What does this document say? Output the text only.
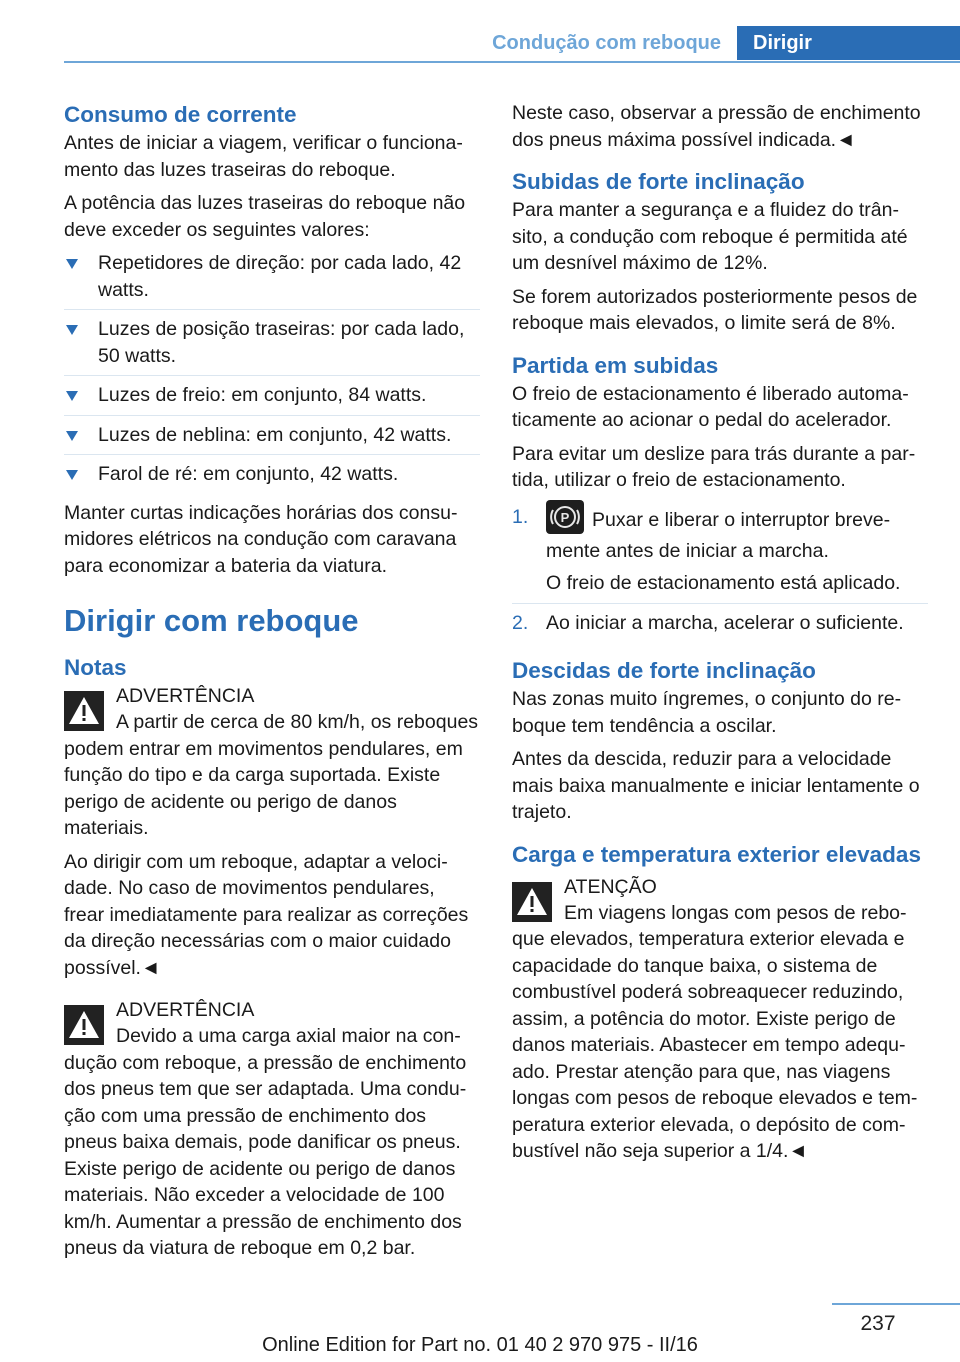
Condução com reboque	Dirigir
Consumo de corrente

Antes de iniciar a viagem, verificar o funcionamento das luzes traseiras do reboque.

A potência das luzes traseiras do reboque não deve exceder os seguintes valores:

Repetidores de direção: por cada lado, 42 watts.
Luzes de posição traseiras: por cada lado, 50 watts.
Luzes de freio: em conjunto, 84 watts.
Luzes de neblina: em conjunto, 42 watts.
Farol de ré: em conjunto, 42 watts.

Manter curtas indicações horárias dos consumidores elétricos na condução com caravana para economizar a bateria da viatura.

Dirigir com reboque
Notas

ADVERTÊNCIA

A partir de cerca de 80 km/h, os reboques podem entrar em movimentos pendulares, em função do tipo e da carga suportada. Existe perigo de acidente ou perigo de danos materiais.

Ao dirigir com um reboque, adaptar a velocidade. No caso de movimentos pendulares, frear imediatamente para realizar as correções da direção necessárias com o maior cuidado possível.◄

ADVERTÊNCIA

Devido a uma carga axial maior na condução com reboque, a pressão de enchimento dos pneus tem que ser adaptada. Uma condução com uma pressão de enchimento dos pneus baixa demais, pode danificar os pneus. Existe perigo de acidente ou perigo de danos materiais. Não exceder a velocidade de 100 km/h. Aumentar a pressão de enchimento dos pneus da viatura de reboque em 0,2 bar.

Neste caso, observar a pressão de enchimento dos pneus máxima possível indicada.◄

Subidas de forte inclinação

Para manter a segurança e a fluidez do trânsito, a condução com reboque é permitida até um desnível máximo de 12%.

Se forem autorizados posteriormente pesos de reboque mais elevados, o limite será de 8%.

Partida em subidas

O freio de estacionamento é liberado automaticamente ao acionar o pedal do acelerador.

Para evitar um deslize para trás durante a partida, utilizar o freio de estacionamento.

1. P Puxar e liberar o interruptor brevemente antes de iniciar a marcha.
O freio de estacionamento está aplicado.
2. Ao iniciar a marcha, acelerar o suficiente.
Descidas de forte inclinação

Nas zonas muito íngremes, o conjunto do reboque tem tendência a oscilar.

Antes da descida, reduzir para a velocidade mais baixa manualmente e iniciar lentamente o trajeto.

Carga e temperatura exterior elevadas

ATENÇÃO

Em viagens longas com pesos de reboque elevados, temperatura exterior elevada e capacidade do tanque baixa, o sistema de combustível poderá sobreaquecer reduzindo, assim, a potência do motor. Existe perigo de danos materiais. Abastecer em tempo adequado. Prestar atenção para que, nas viagens longas com pesos de reboque elevados e temperatura exterior elevada, o depósito de combustível não seja superior a 1/4.◄

237
Online Edition for Part no. 01 40 2 970 975 - II/16
